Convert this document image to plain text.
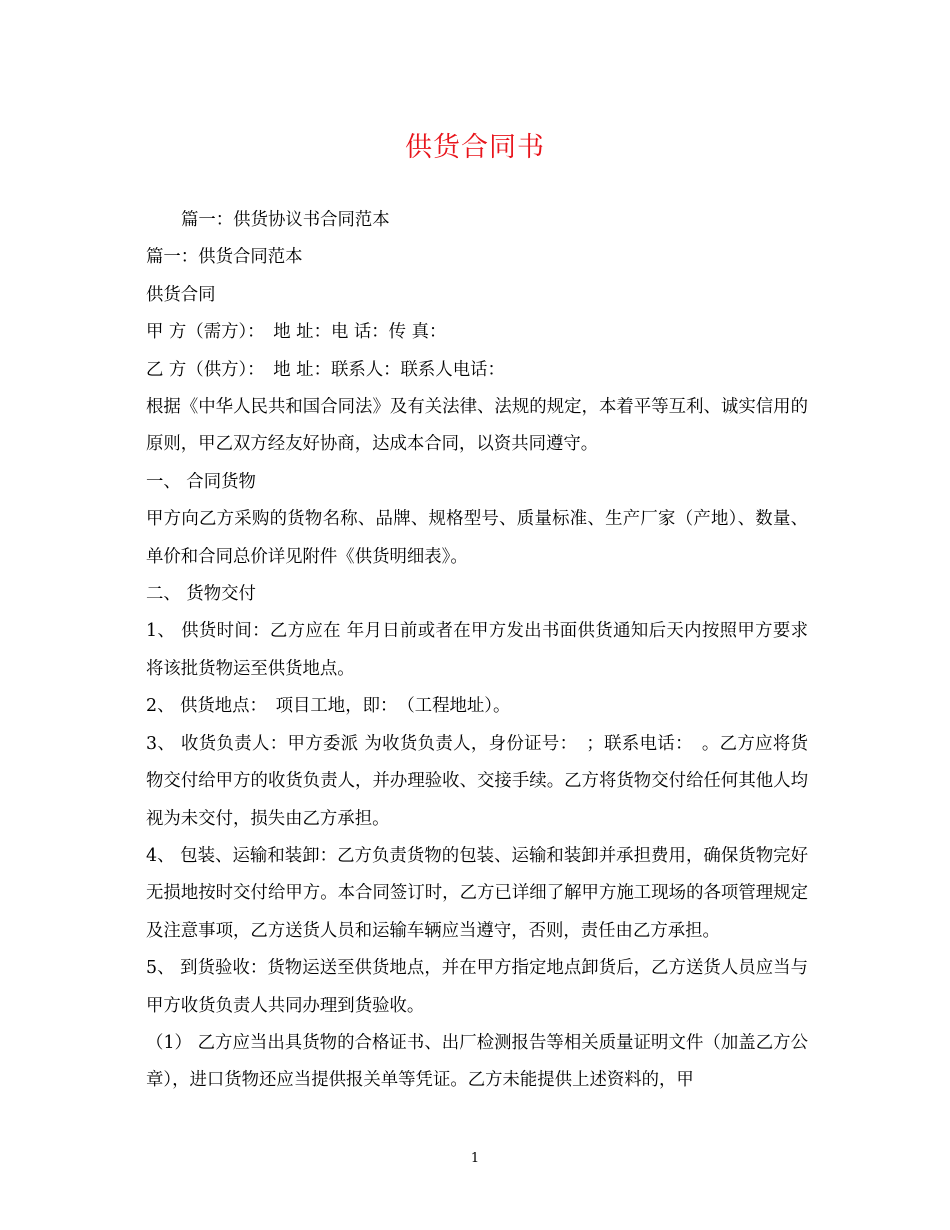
供货合同书

篇一：供货协议书合同范本

篇一：供货合同范本

供货合同

甲 方（需方）：　地 址：电 话：传 真：

乙 方（供方）：　地 址：联系人：联系人电话：

根据《中华人民共和国合同法》及有关法律、法规的规定，本着平等互利、诚实信用的原则，甲乙双方经友好协商，达成本合同，以资共同遵守。

一、 合同货物

甲方向乙方采购的货物名称、品牌、规格型号、质量标准、生产厂家（产地）、数量、单价和合同总价详见附件《供货明细表》。

二、 货物交付

1、 供货时间：乙方应在 年月日前或者在甲方发出书面供货通知后天内按照甲方要求将该批货物运至供货地点。

2、 供货地点：　项目工地，即：　（工程地址）。

3、 收货负责人：甲方委派 为收货负责人，身份证号：　；联系电话：　。乙方应将货物交付给甲方的收货负责人，并办理验收、交接手续。乙方将货物交付给任何其他人均视为未交付，损失由乙方承担。

4、 包装、运输和装卸：乙方负责货物的包装、运输和装卸并承担费用，确保货物完好无损地按时交付给甲方。本合同签订时，乙方已详细了解甲方施工现场的各项管理规定及注意事项，乙方送货人员和运输车辆应当遵守，否则，责任由乙方承担。

5、 到货验收：货物运送至供货地点，并在甲方指定地点卸货后，乙方送货人员应当与甲方收货负责人共同办理到货验收。

（1） 乙方应当出具货物的合格证书、出厂检测报告等相关质量证明文件（加盖乙方公章），进口货物还应当提供报关单等凭证。乙方未能提供上述资料的，甲

1
